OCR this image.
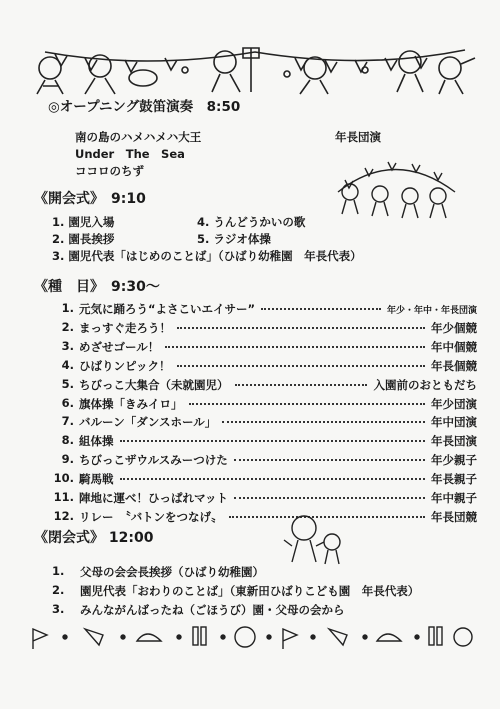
◎オープニング鼓笛演奏　8:50
南の島のハメハメハ大王
Under　The　Sea
ココロのちず
年長団演
《開会式》　9:10
1. 園児入場
2. 園長挨拶
4. うんどうかいの歌
5. ラジオ体操
3. 園児代表「はじめのことば」（ひばり幼稚園　年長代表）
《種　目》　9:30～
1. 元気に踊ろう“よさこいエイサー”	年少・年中・年長団演
2. まっすぐ走ろう！	年少個競
3. めざせゴール！	年中個競
4. ひばりンピック！	年長個競
5. ちびっこ大集合（未就園児）	入園前のおともだち
6. 旗体操「きみイロ」	年少団演
7. バルーン「ダンスホール」	年中団演
8. 組体操	年長団演
9. ちびっこザウルスみーつけた	年少親子
10. 騎馬戦	年長親子
11. 陣地に運べ！ひっぱれマット	年中親子
12. リレー　〝バトンをつなげ〟	年長団競
《閉会式》 12:00
1. 父母の会会長挨拶（ひばり幼稚園）
2. 園児代表「おわりのことば」（東新田ひばりこども園　年長代表）
3. みんながんばったね（ごほうび）園・父母の会から
